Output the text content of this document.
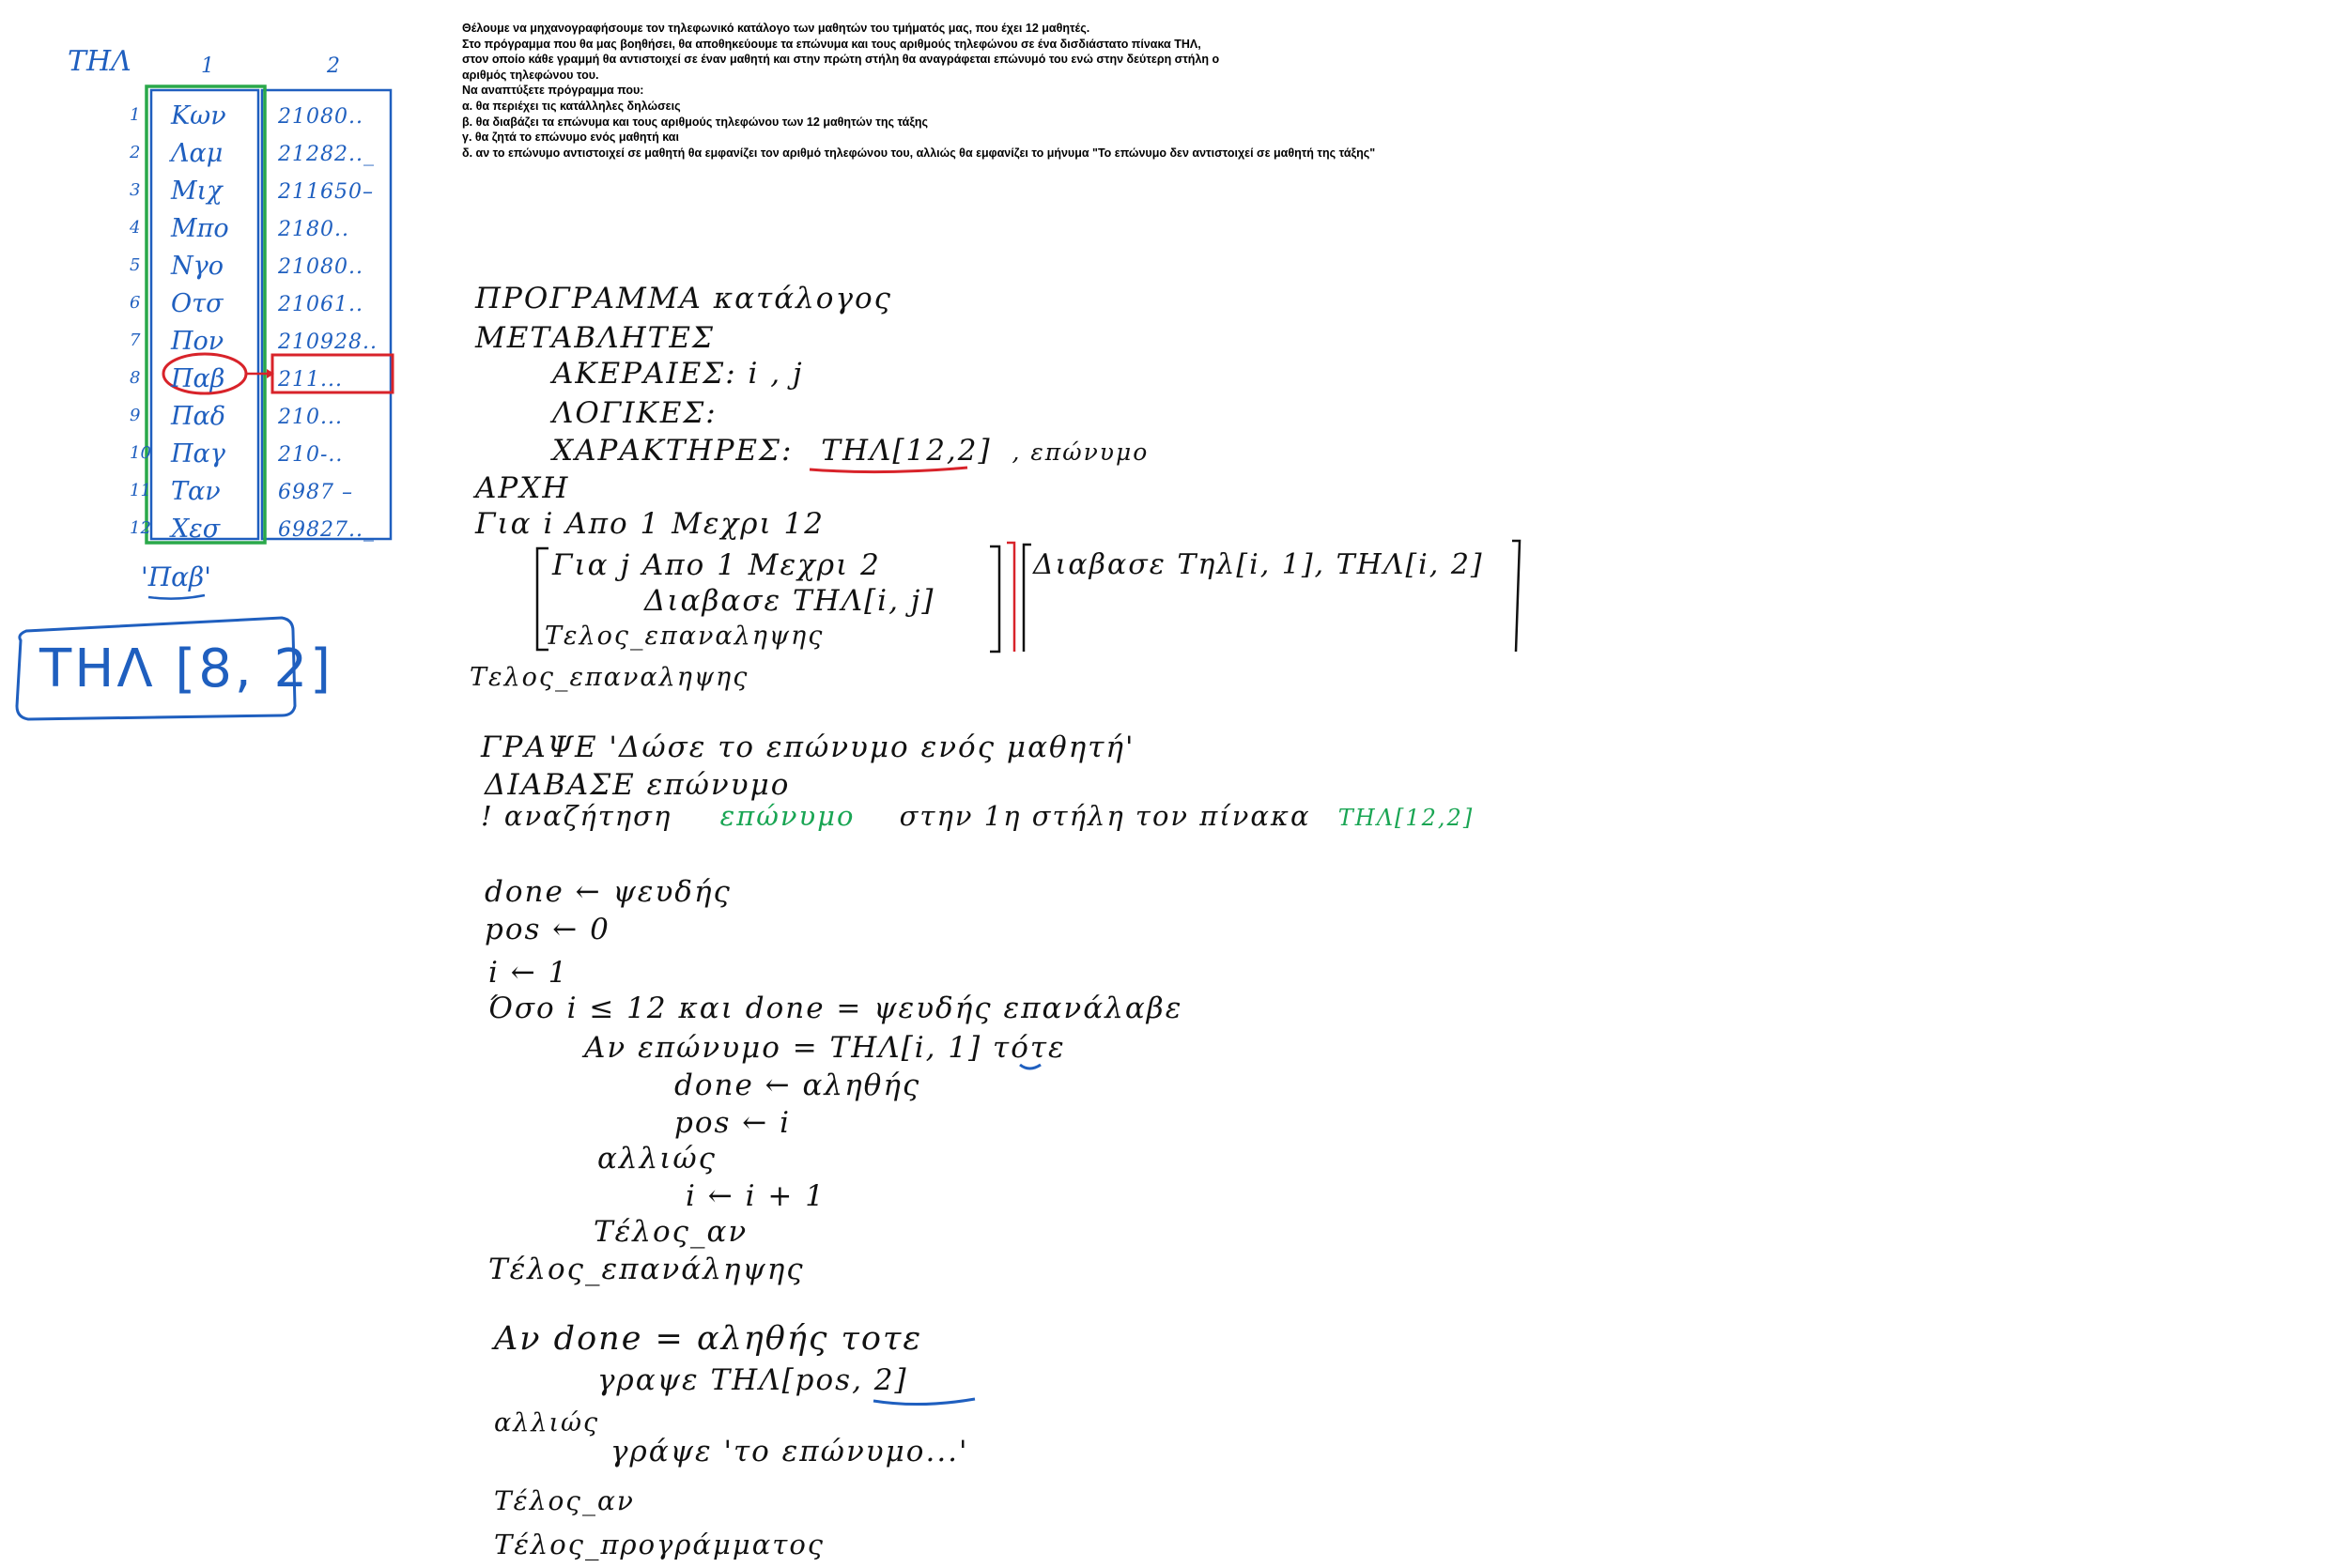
Θέλουμε να μηχανογραφήσουμε τον τηλεφωνικό κατάλογο των μαθητών του τμήματός μας, που έχει 12 μαθητές.
Στο πρόγραμμα που θα μας βοηθήσει, θα αποθηκεύουμε τα επώνυμα και τους αριθμούς τηλεφώνου σε ένα δισδιάστατο πίνακα ΤΗΛ,
στον οποίο κάθε γραμμή θα αντιστοιχεί σε έναν μαθητή και στην πρώτη στήλη θα αναγράφεται επώνυμό του ενώ στην δεύτερη στήλη ο
αριθμός τηλεφώνου του.
Να αναπτύξετε πρόγραμμα που:
α. θα περιέχει τις κατάλληλες δηλώσεις
β. θα διαβάζει τα επώνυμα και τους αριθμούς τηλεφώνου των 12 μαθητών της τάξης
γ. θα ζητά το επώνυμο ενός μαθητή και
δ. αν το επώνυμο αντιστοιχεί σε μαθητή θα εμφανίζει τον αριθμό τηλεφώνου του, αλλιώς θα εμφανίζει το μήνυμα "Το επώνυμο δεν αντιστοιχεί σε μαθητή της τάξης"
ΤΗΛ	1	2
1 Κων	21080..
2 Λαμ	21282.._
3 Μιχ	211650–
4 Μπο 2180..
5 Νγο	21080..
6 Οτσ	21061..
7 Πον	210928..
8 Παβ	211...
9 Παδ	210...
10 Παγ	210-..
11 Ταν	6987 –
12 Χεσ	69827.._
'Παβ'
ΤΗΛ [8, 2]
ΠΡΟΓΡΑΜΜΑ κατάλογος
ΜΕΤΑΒΛΗΤΕΣ
ΑΚΕΡΑΙΕΣ: i , j
ΛΟΓΙΚΕΣ:
ΧΑΡΑΚΤΗΡΕΣ: ΤΗΛ[12,2] , επώνυμο
ΑΡΧΗ
Για i Απο 1 Μεχρι 12
Για j Απο 1 Μεχρι 2
Διαβασε ΤΗΛ[i, j]
Τελος_επαναληψης
Διαβασε Τηλ[i, 1], ΤΗΛ[i, 2]
Τελος_επαναληψης
ΓΡΑΨΕ 'Δώσε το επώνυμο ενός μαθητή'
ΔΙΑΒΑΣΕ επώνυμο
! αναζήτηση επώνυμο στην 1η στήλη τον πίνακα ΤΗΛ[12,2]
done ← ψευδής
pos ← 0
i ← 1
Όσο i ≤ 12 και done = ψευδής επανάλαβε
Αν επώνυμο = ΤΗΛ[i, 1] τότε
done ← αληθής
pos ← i
αλλιώς
i ← i + 1
Τέλος_αν
Τέλος_επανάληψης
Αν done = αληθής τοτε
γραψε ΤΗΛ[pos, 2]
αλλιώς
γράψε 'το επώνυμο...'
Τέλος_αν
Τέλος_προγράμματος
